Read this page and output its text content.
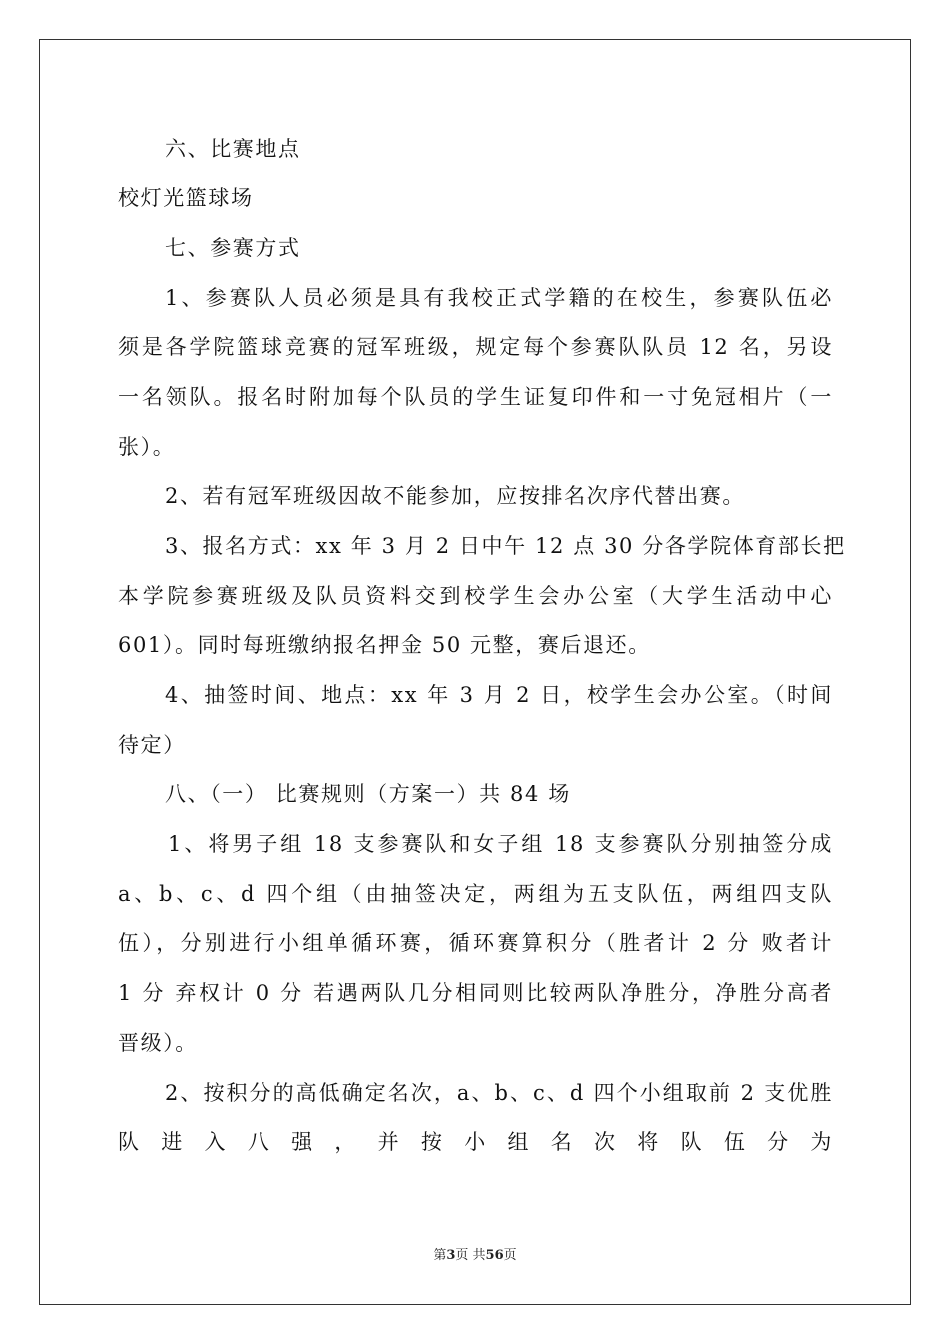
六、比赛地点
校灯光篮球场
七、参赛方式
1、参赛队人员必须是具有我校正式学籍的在校生，参赛队伍必
须是各学院篮球竞赛的冠军班级，规定每个参赛队队员 12 名，另设
一名领队。报名时附加每个队员的学生证复印件和一寸免冠相片（一
张）。
2、若有冠军班级因故不能参加，应按排名次序代替出赛。
3、报名方式：xx 年 3 月 2 日中午 12 点 30 分各学院体育部长把
本学院参赛班级及队员资料交到校学生会办公室（大学生活动中心
601）。同时每班缴纳报名押金 50 元整，赛后退还。
4、抽签时间、地点：xx 年 3 月 2 日，校学生会办公室。（时间
待定）
八、（一） 比赛规则（方案一）共 84 场
1、将男子组 18 支参赛队和女子组 18 支参赛队分别抽签分成
a、b、c、d 四个组（由抽签决定，两组为五支队伍，两组四支队
伍），分别进行小组单循环赛，循环赛算积分（胜者计 2 分 败者计
1 分 弃权计 0 分 若遇两队几分相同则比较两队净胜分，净胜分高者
晋级）。
2、按积分的高低确定名次，a、b、c、d 四个小组取前 2 支优胜
队 进 入 八 强 ， 并 按 小 组 名 次 将 队 伍 分 为
第3页 共56页
